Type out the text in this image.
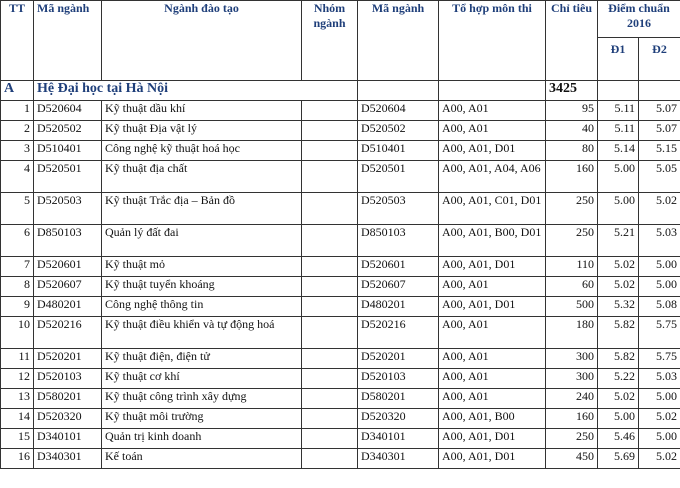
TT	Mã ngành	Ngành đào tạo	Nhóm ngành	Mã ngành	Tổ hợp môn thi	Chỉ tiêu	Điểm chuẩn 2016	
							Đ1	Đ2
A	Hệ Đại học tại Hà Nội					3425		
1	D520604	Kỹ thuật dầu khí		D520604	A00, A01	95	5.11	5.07
2	D520502	Kỹ thuật Địa vật lý		D520502	A00, A01	40	5.11	5.07
3	D510401	Công nghệ kỹ thuật hoá học		D510401	A00, A01, D01	80	5.14	5.15
4	D520501	Kỹ thuật địa chất		D520501	A00, A01, A04, A06	160	5.00	5.05
5	D520503	Kỹ thuật Trắc địa – Bản đồ		D520503	A00, A01, C01, D01	250	5.00	5.02
6	D850103	Quản lý đất đai		D850103	A00, A01, B00, D01	250	5.21	5.03
7	D520601	Kỹ thuật mỏ		D520601	A00, A01, D01	110	5.02	5.00
8	D520607	Kỹ thuật tuyển khoáng		D520607	A00, A01	60	5.02	5.00
9	D480201	Công nghệ thông tin		D480201	A00, A01, D01	500	5.32	5.08
10	D520216	Kỹ thuật điều khiển và tự động hoá		D520216	A00, A01	180	5.82	5.75
11	D520201	Kỹ thuật điện, điện tử		D520201	A00, A01	300	5.82	5.75
12	D520103	Kỹ thuật cơ khí		D520103	A00, A01	300	5.22	5.03
13	D580201	Kỹ thuật công trình xây dựng		D580201	A00, A01	240	5.02	5.00
14	D520320	Kỹ thuật môi trường		D520320	A00, A01, B00	160	5.00	5.02
15	D340101	Quản trị kinh doanh		D340101	A00, A01, D01	250	5.46	5.00
16	D340301	Kế toán		D340301	A00, A01, D01	450	5.69	5.02
